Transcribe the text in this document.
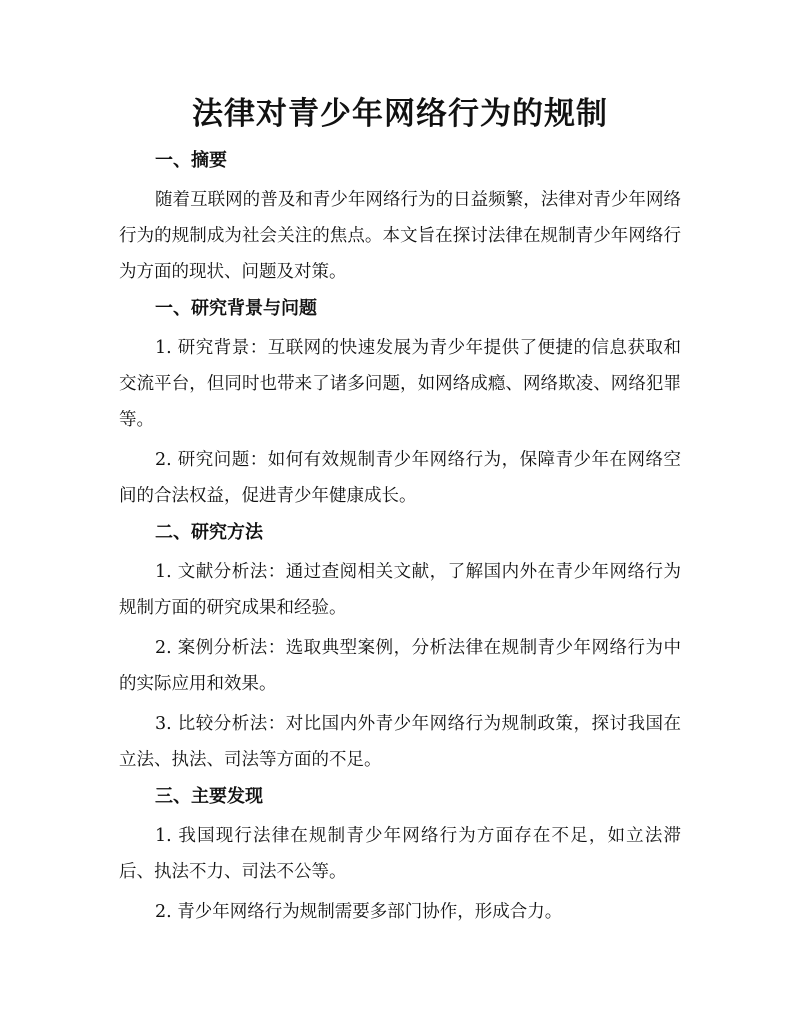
法律对青少年网络行为的规制
一、摘要

随着互联网的普及和青少年网络行为的日益频繁，法律对青少年网络行为的规制成为社会关注的焦点。本文旨在探讨法律在规制青少年网络行为方面的现状、问题及对策。

一、研究背景与问题

1. 研究背景：互联网的快速发展为青少年提供了便捷的信息获取和交流平台，但同时也带来了诸多问题，如网络成瘾、网络欺凌、网络犯罪等。

2. 研究问题：如何有效规制青少年网络行为，保障青少年在网络空间的合法权益，促进青少年健康成长。

二、研究方法

1. 文献分析法：通过查阅相关文献，了解国内外在青少年网络行为规制方面的研究成果和经验。

2. 案例分析法：选取典型案例，分析法律在规制青少年网络行为中的实际应用和效果。

3. 比较分析法：对比国内外青少年网络行为规制政策，探讨我国在立法、执法、司法等方面的不足。

三、主要发现

1. 我国现行法律在规制青少年网络行为方面存在不足，如立法滞后、执法不力、司法不公等。

2. 青少年网络行为规制需要多部门协作，形成合力。
